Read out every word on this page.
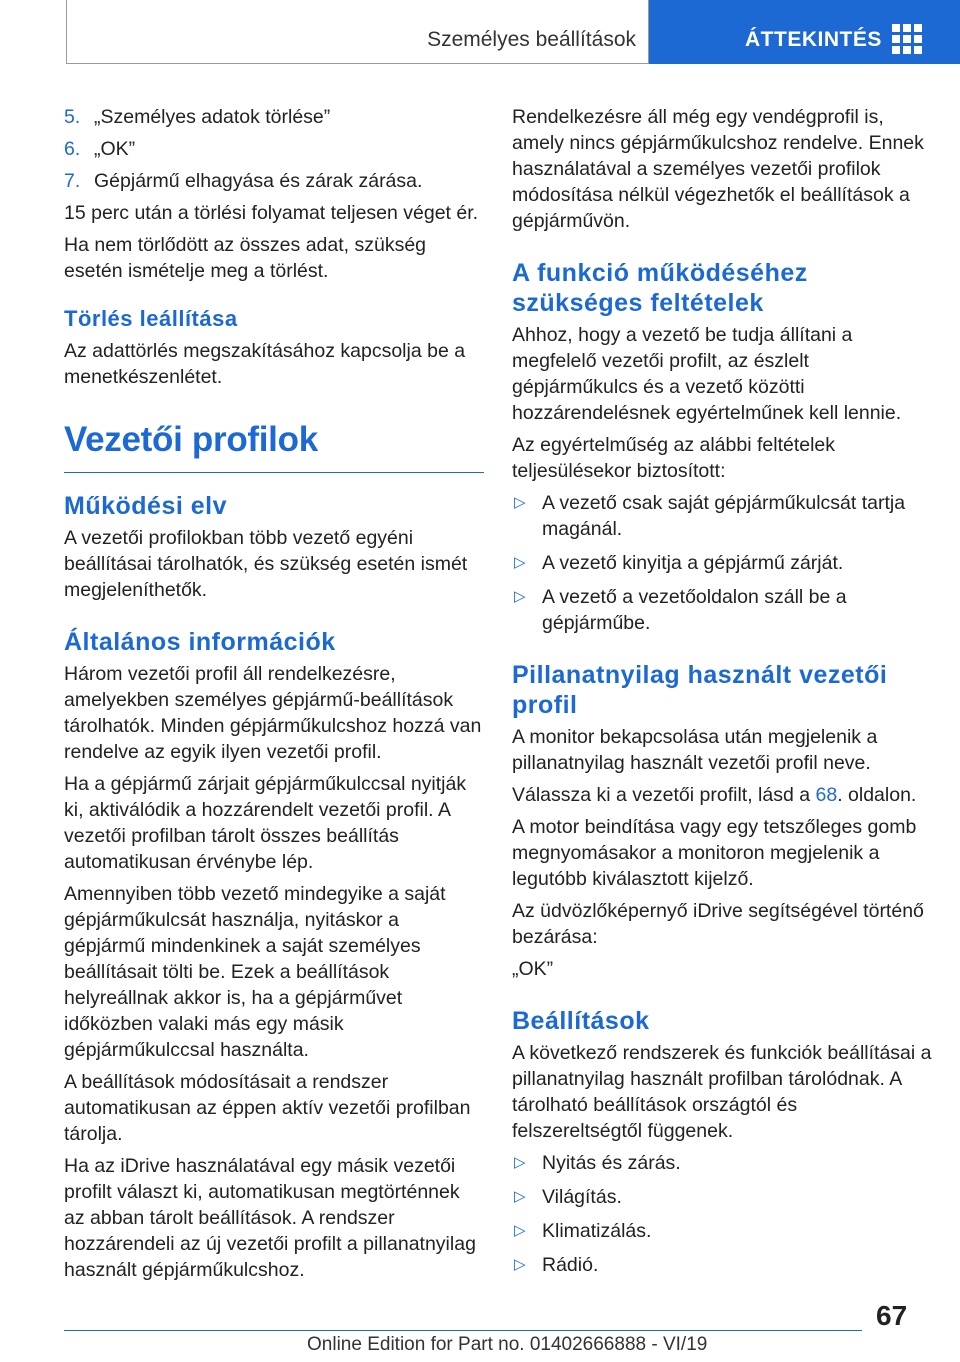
Személyes beállítások	ÁTTEKINTÉS
5. „Személyes adatok törlése”
6. „OK”
7. Gépjármű elhagyása és zárak zárása.

15 perc után a törlési folyamat teljesen véget ér.

Ha nem törlődött az összes adat, szükség esetén ismételje meg a törlést.

Törlés leállítása

Az adattörlés megszakításához kapcsolja be a menetkészenlétet.

Vezetői profilok
Működési elv

A vezetői profilokban több vezető egyéni beállításai tárolhatók, és szükség esetén ismét megjeleníthetők.

Általános információk

Három vezetői profil áll rendelkezésre, amelyekben személyes gépjármű-beállítások tárolhatók. Minden gépjárműkulcshoz hozzá van rendelve az egyik ilyen vezetői profil.

Ha a gépjármű zárjait gépjárműkulccsal nyitják ki, aktiválódik a hozzárendelt vezetői profil. A vezetői profilban tárolt összes beállítás automatikusan érvénybe lép.

Amennyiben több vezető mindegyike a saját gépjárműkulcsát használja, nyitáskor a gépjármű mindenkinek a saját személyes beállításait tölti be. Ezek a beállítások helyreállnak akkor is, ha a gépjárművet időközben valaki más egy másik gépjárműkulccsal használta.

A beállítások módosításait a rendszer automatikusan az éppen aktív vezetői profilban tárolja.

Ha az iDrive használatával egy másik vezetői profilt választ ki, automatikusan megtörténnek az abban tárolt beállítások. A rendszer hozzárendeli az új vezetői profilt a pillanatnyilag használt gépjárműkulcshoz.

Rendelkezésre áll még egy vendégprofil is, amely nincs gépjárműkulcshoz rendelve. Ennek használatával a személyes vezetői profilok módosítása nélkül végezhetők el beállítások a gépjárművön.

A funkció működéséhez szükséges feltételek

Ahhoz, hogy a vezető be tudja állítani a megfelelő vezetői profilt, az észlelt gépjárműkulcs és a vezető közötti hozzárendelésnek egyértelműnek kell lennie.

Az egyértelműség az alábbi feltételek teljesülésekor biztosított:

▷ A vezető csak saját gépjárműkulcsát tartja magánál.
▷ A vezető kinyitja a gépjármű zárját.
▷ A vezető a vezetőoldalon száll be a gépjárműbe.
Pillanatnyilag használt vezetői profil

A monitor bekapcsolása után megjelenik a pillanatnyilag használt vezetői profil neve.

Válassza ki a vezetői profilt, lásd a 68. oldalon.

A motor beindítása vagy egy tetszőleges gomb megnyomásakor a monitoron megjelenik a legutóbb kiválasztott kijelző.

Az üdvözlőképernyő iDrive segítségével történő bezárása:

„OK”

Beállítások

A következő rendszerek és funkciók beállításai a pillanatnyilag használt profilban tárolódnak. A tárolható beállítások országtól és felszereltségtől függenek.

▷ Nyitás és zárás.
▷ Világítás.
▷ Klimatizálás.
▷ Rádió.
67
Online Edition for Part no. 01402666888 - VI/19
